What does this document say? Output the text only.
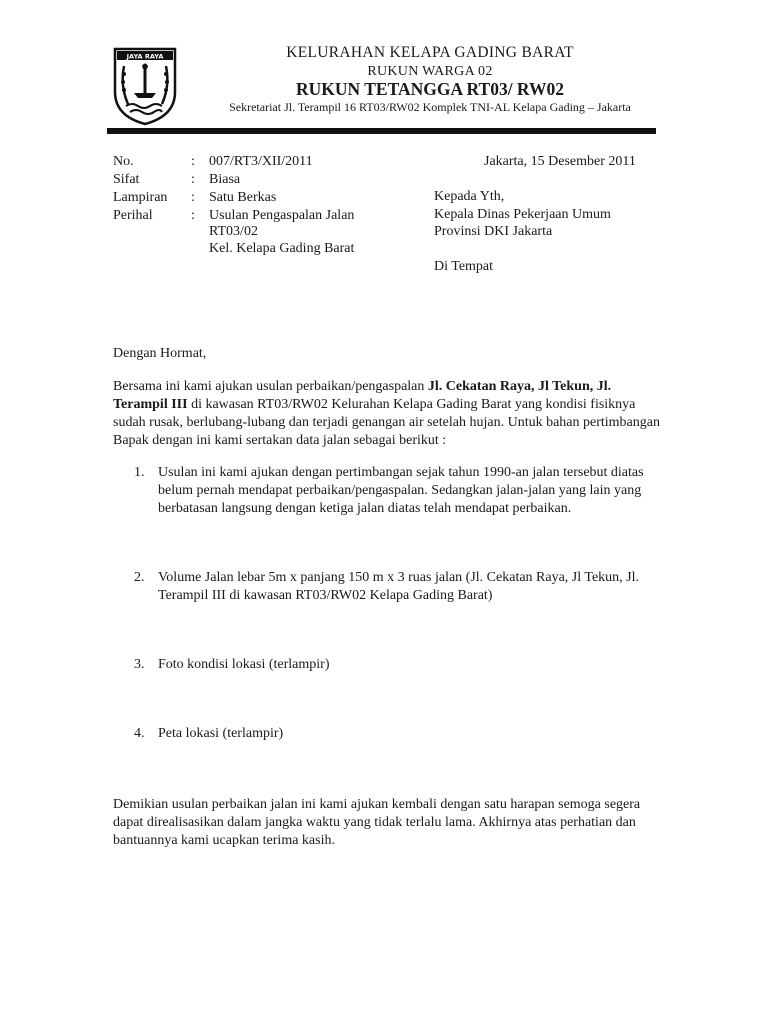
JAYA RAYA	KELURAHAN KELAPA GADING BARAT
RUKUN WARGA 02
RUKUN TETANGGA RT03/ RW02
Sekretariat Jl. Terampil 16 RT03/RW02 Komplek TNI-AL Kelapa Gading – Jakarta
No.	: 007/RT3/XII/2011
Sifat	: Biasa
Lampiran : Satu Berkas
Perihal	: Usulan Pengaspalan Jalan
RT03/02
Kel. Kelapa Gading Barat
Jakarta, 15 Desember 2011
Kepada Yth,
Kepala Dinas Pekerjaan Umum
Provinsi DKI Jakarta
Di Tempat
Dengan Hormat,
Bersama ini kami ajukan usulan perbaikan/pengaspalan Jl. Cekatan Raya, Jl Tekun, Jl. Terampil III di kawasan RT03/RW02 Kelurahan Kelapa Gading Barat yang kondisi fisiknya sudah rusak, berlubang-lubang dan terjadi genangan air setelah hujan. Untuk bahan pertimbangan Bapak dengan ini kami sertakan data jalan sebagai berikut :
1. Usulan ini kami ajukan dengan pertimbangan sejak tahun 1990-an jalan tersebut diatas belum pernah mendapat perbaikan/pengaspalan. Sedangkan jalan-jalan yang lain yang berbatasan langsung dengan ketiga jalan diatas telah mendapat perbaikan.
2. Volume Jalan lebar 5m x panjang 150 m x 3 ruas jalan (Jl. Cekatan Raya, Jl Tekun, Jl. Terampil III di kawasan RT03/RW02 Kelapa Gading Barat)
3. Foto kondisi lokasi (terlampir)
4. Peta lokasi (terlampir)
Demikian usulan perbaikan jalan ini kami ajukan kembali dengan satu harapan semoga segera dapat direalisasikan dalam jangka waktu yang tidak terlalu lama. Akhirnya atas perhatian dan bantuannya kami ucapkan terima kasih.
